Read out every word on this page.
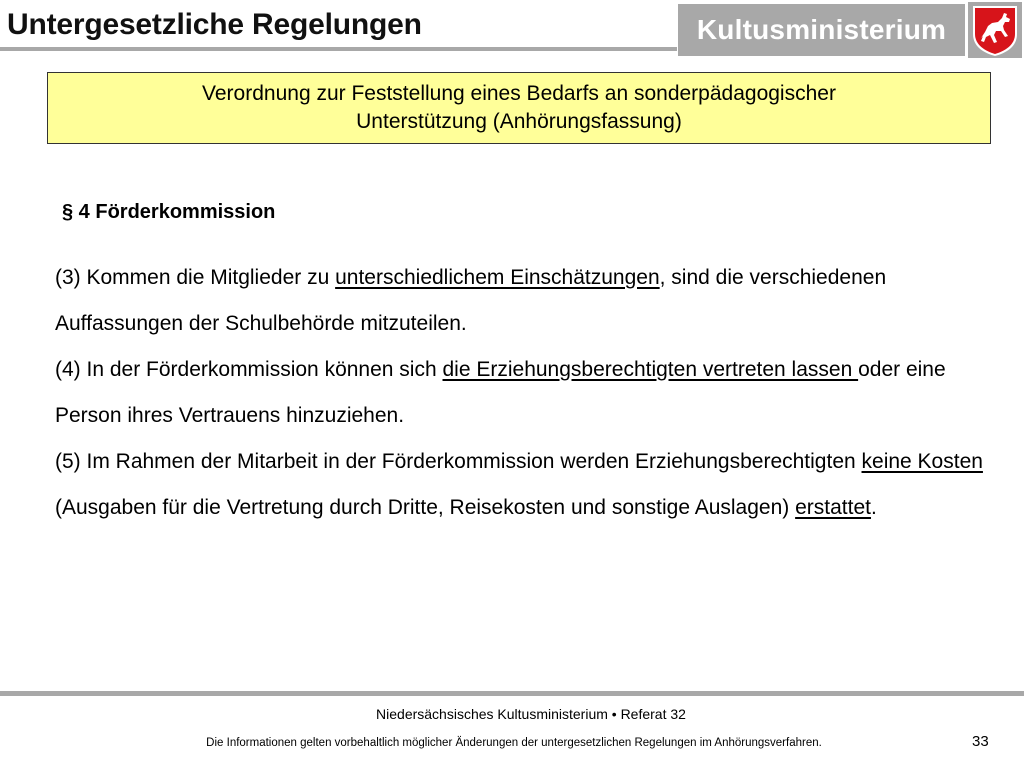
Untergesetzliche Regelungen	Kultusministerium
Verordnung zur Feststellung eines Bedarfs an sonderpädagogischer
Unterstützung (Anhörungsfassung)
§ 4 Förderkommission

(3) Kommen die Mitglieder zu unterschiedlichem Einschätzungen, sind die verschiedenen Auffassungen der Schulbehörde mitzuteilen.

(4) In der Förderkommission können sich die Erziehungsberechtigten vertreten lassen oder eine Person ihres Vertrauens hinzuziehen.

(5) Im Rahmen der Mitarbeit in der Förderkommission werden Erziehungsberechtigten keine Kosten (Ausgaben für die Vertretung durch Dritte, Reisekosten und sonstige Auslagen) erstattet.

Niedersächsisches Kultusministerium • Referat 32
Die Informationen gelten vorbehaltlich möglicher Änderungen der untergesetzlichen Regelungen im Anhörungsverfahren.	33
